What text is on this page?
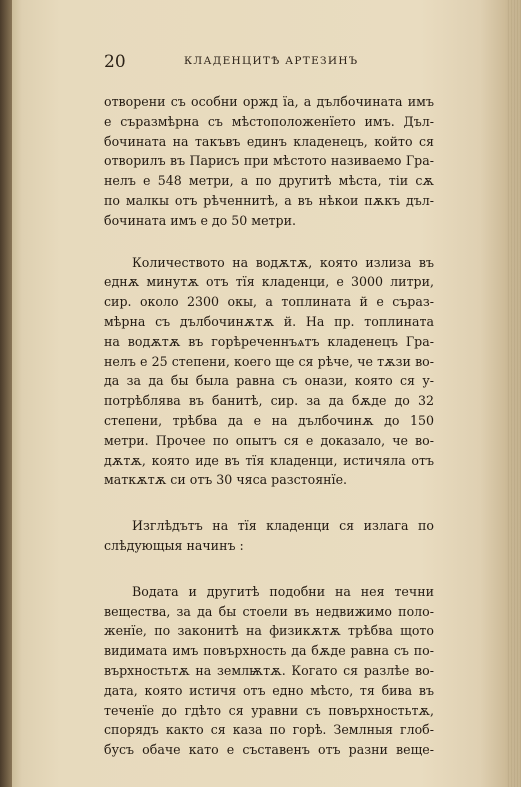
20	КЛАДЕНЦИТѢ АРТЕЗИНЪ
отворени съ особни оржд їа, а дълбочината имъ
е съразмѣрна съ мѣстоположенїето имъ. Дъл-
бочината на такъвъ единъ кладенецъ, който ся
отворилъ въ Парисъ при мѣстото називаемо Гра-
нелъ е 548 метри, а по другитѣ мѣста, тіи сѫ
по малкы отъ рѣченнитѣ, а въ нѣкои пѫкъ дъл-
бочината имъ е до 50 метри.
Количеството на водѫтѫ, която излиза въ
еднѫ минутѫ отъ тїя кладенци, е 3000 литри,
сир. около 2300 окы, а топлината й е съраз-
мѣрна съ дълбочинѫтѫ й. На пр. топлината
на водѫтѫ въ горѣреченнъѧтъ кладенецъ Гра-
нелъ е 25 степени, коего ще ся рѣче, че тѫзи во-
да за да бы была равна съ онази, която ся у-
потрѣблява въ банитѣ, сир. за да бѫде до 32
степени, трѣбва да е на дълбочинѫ до 150
метри. Прочее по опытъ ся е доказало, че во-
дѫтѫ, която иде въ тїя кладенци, истичяла отъ
маткѫтѫ си отъ 30 чяса разстоянїе.
Изглѣдътъ на тїя кладенци ся излага по
слѣдующыя начинъ :
Водата и другитѣ подобни на нея течни
вещества, за да бы стоели въ недвижимо поло-
женїе, по законитѣ на физикѫтѫ трѣбва щото
видимата имъ повърхность да бѫде равна съ по-
върхностьтѫ на землѭтѫ. Когато ся разлѣе во-
дата, която истичя отъ едно мѣсто, тя бива въ
теченїе до гдѣто ся уравни съ повърхностьтѫ,
спорядъ както ся каза по горѣ. Землныя глоб-
бусъ обаче като е съставенъ отъ разни веще-
